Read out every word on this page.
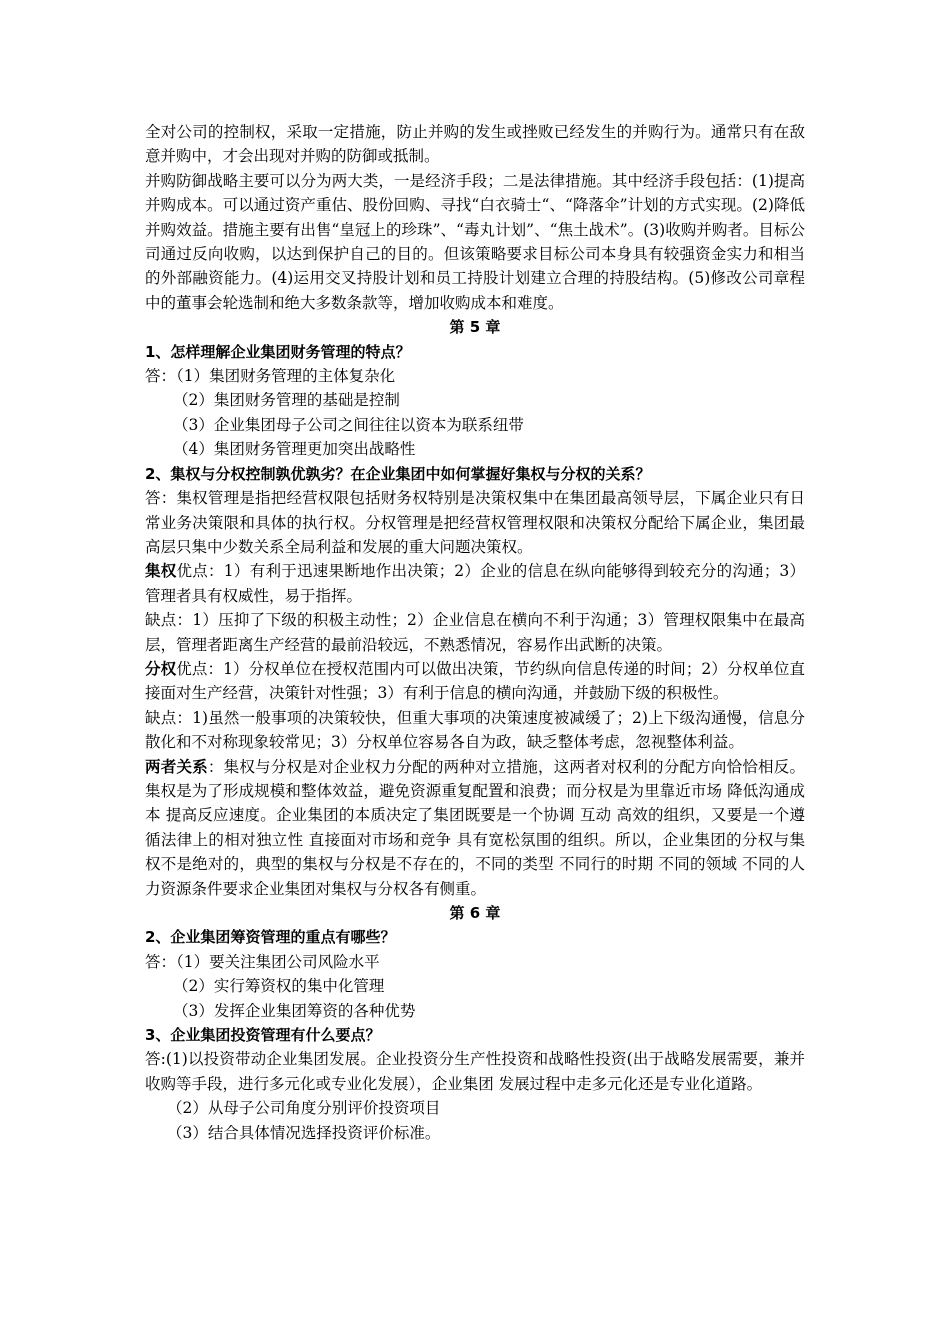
全对公司的控制权，采取一定措施，防止并购的发生或挫败已经发生的并购行为。通常只有在敌意并购中，才会出现对并购的防御或抵制。

并购防御战略主要可以分为两大类，一是经济手段；二是法律措施。其中经济手段包括：(1)提高并购成本。可以通过资产重估、股份回购、寻找“白衣骑士“、“降落伞”计划的方式实现。(2)降低并购效益。措施主要有出售“皇冠上的珍珠”、“毒丸计划”、“焦土战术”。(3)收购并购者。目标公司通过反向收购，以达到保护自己的目的。但该策略要求目标公司本身具有较强资金实力和相当的外部融资能力。(4)运用交叉持股计划和员工持股计划建立合理的持股结构。(5)修改公司章程中的董事会轮选制和绝大多数条款等，增加收购成本和难度。

第 5 章

1、怎样理解企业集团财务管理的特点？

答：（1）集团财务管理的主体复杂化

（2）集团财务管理的基础是控制

（3）企业集团母子公司之间往往以资本为联系纽带

（4）集团财务管理更加突出战略性

2、集权与分权控制孰优孰劣？在企业集团中如何掌握好集权与分权的关系？

答：集权管理是指把经营权限包括财务权特别是决策权集中在集团最高领导层，下属企业只有日常业务决策限和具体的执行权。分权管理是把经营权管理权限和决策权分配给下属企业，集团最高层只集中少数关系全局利益和发展的重大问题决策权。

集权优点：1）有利于迅速果断地作出决策；2）企业的信息在纵向能够得到较充分的沟通；3）管理者具有权威性，易于指挥。

缺点：1）压抑了下级的积极主动性；2）企业信息在横向不利于沟通；3）管理权限集中在最高层，管理者距离生产经营的最前沿较远，不熟悉情况，容易作出武断的决策。

分权优点：1）分权单位在授权范围内可以做出决策，节约纵向信息传递的时间；2）分权单位直接面对生产经营，决策针对性强；3）有利于信息的横向沟通，并鼓励下级的积极性。

缺点：1)虽然一般事项的决策较快，但重大事项的决策速度被减缓了；2)上下级沟通慢，信息分散化和不对称现象较常见；3）分权单位容易各自为政，缺乏整体考虑，忽视整体利益。

两者关系：集权与分权是对企业权力分配的两种对立措施，这两者对权利的分配方向恰恰相反。集权是为了形成规模和整体效益，避免资源重复配置和浪费；而分权是为里靠近市场 降低沟通成本 提高反应速度。企业集团的本质决定了集团既要是一个协调 互动 高效的组织，又要是一个遵循法律上的相对独立性 直接面对市场和竞争 具有宽松氛围的组织。所以，企业集团的分权与集权不是绝对的，典型的集权与分权是不存在的，不同的类型 不同行的时期 不同的领域 不同的人力资源条件要求企业集团对集权与分权各有侧重。

第 6 章

2、企业集团筹资管理的重点有哪些？

答：（1）要关注集团公司风险水平

（2）实行筹资权的集中化管理

（3）发挥企业集团筹资的各种优势

3、企业集团投资管理有什么要点？

答:(1)以投资带动企业集团发展。企业投资分生产性投资和战略性投资(出于战略发展需要，兼并收购等手段，进行多元化或专业化发展），企业集团 发展过程中走多元化还是专业化道路。

（2）从母子公司角度分别评价投资项目

（3）结合具体情况选择投资评价标准。
